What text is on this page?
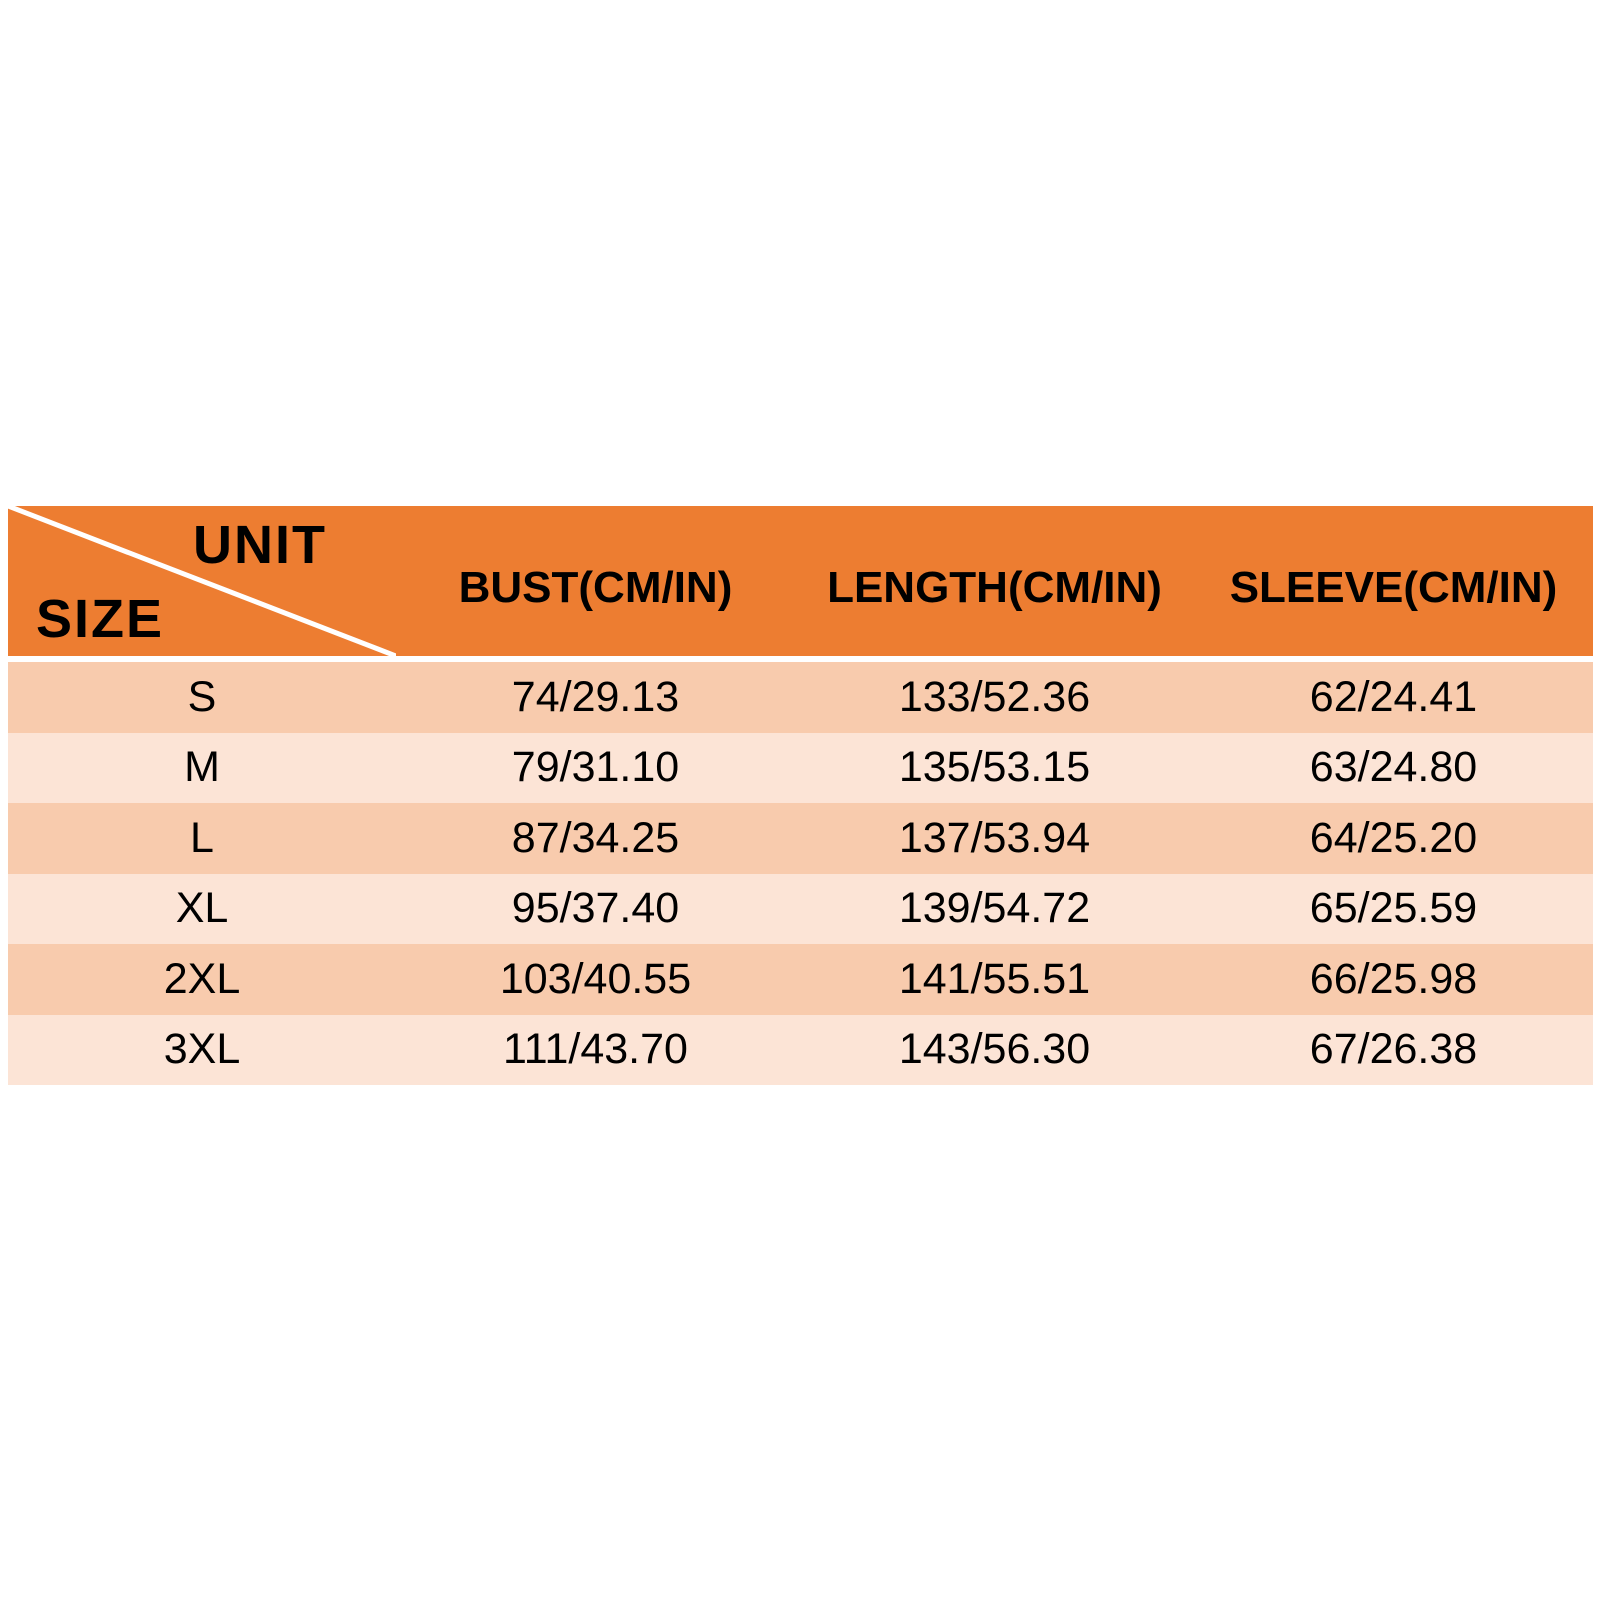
UNIT
SIZE
BUST(CM/IN)	LENGTH(CM/IN)	SLEEVE(CM/IN)
S	74/29.13	133/52.36	62/24.41
M	79/31.10	135/53.15	63/24.80
L	87/34.25	137/53.94	64/25.20
XL	95/37.40	139/54.72	65/25.59
2XL	103/40.55	141/55.51	66/25.98
3XL	111/43.70	143/56.30	67/26.38
